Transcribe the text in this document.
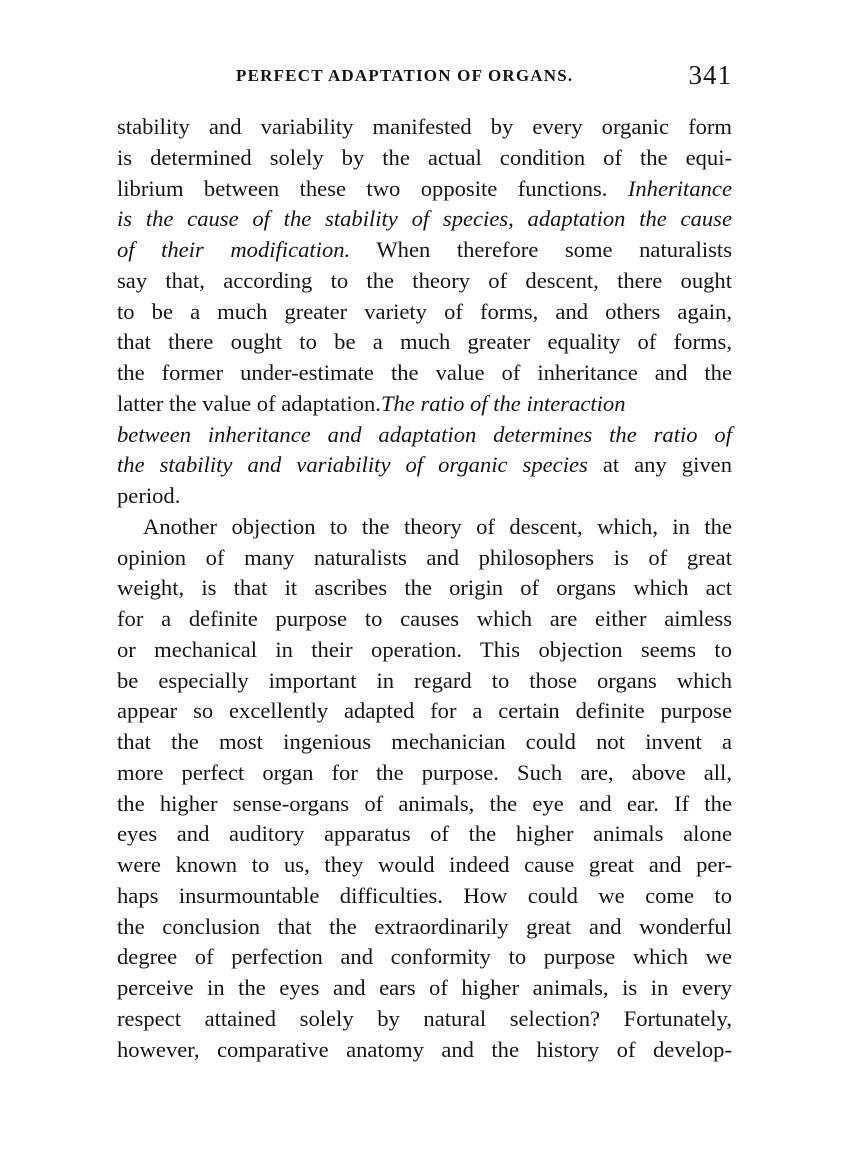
PERFECT ADAPTATION OF ORGANS.	341
stability and variability manifested by every organic form
is determined solely by the actual condition of the equi-
librium between these two opposite functions. Inheritance
is the cause of the stability of species, adaptation the cause
of their modification. When therefore some naturalists
say that, according to the theory of descent, there ought
to be a much greater variety of forms, and others again,
that there ought to be a much greater equality of forms,
the former under-estimate the value of inheritance and the
latter the value of adaptation.The ratio of the interaction
between inheritance and adaptation determines the ratio of
the stability and variability of organic species at any given
period.
Another objection to the theory of descent, which, in the
opinion of many naturalists and philosophers is of great
weight, is that it ascribes the origin of organs which act
for a definite purpose to causes which are either aimless
or mechanical in their operation. This objection seems to
be especially important in regard to those organs which
appear so excellently adapted for a certain definite purpose
that the most ingenious mechanician could not invent a
more perfect organ for the purpose. Such are, above all,
the higher sense-organs of animals, the eye and ear. If the
eyes and auditory apparatus of the higher animals alone
were known to us, they would indeed cause great and per-
haps insurmountable difficulties. How could we come to
the conclusion that the extraordinarily great and wonderful
degree of perfection and conformity to purpose which we
perceive in the eyes and ears of higher animals, is in every
respect attained solely by natural selection? Fortunately,
however, comparative anatomy and the history of develop-
